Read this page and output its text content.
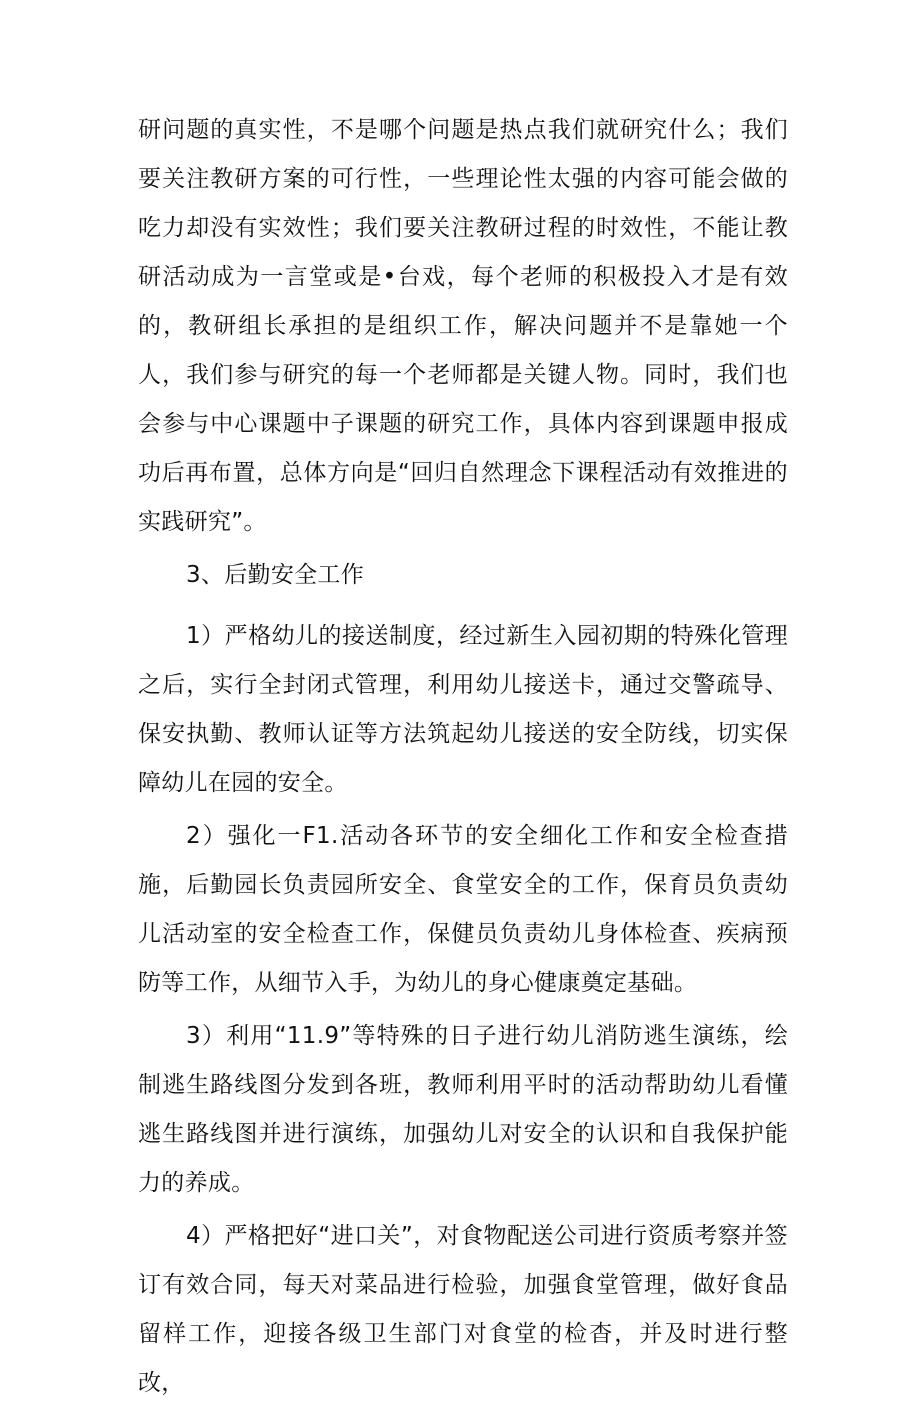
研问题的真实性，不是哪个问题是热点我们就研究什么；我们要关注教研方案的可行性，一些理论性太强的内容可能会做的吃力却没有实效性；我们要关注教研过程的时效性，不能让教研活动成为一言堂或是•台戏，每个老师的积极投入才是有效的，教研组长承担的是组织工作，解决问题并不是靠她一个人，我们参与研究的每一个老师都是关键人物。同时，我们也会参与中心课题中子课题的研究工作，具体内容到课题申报成功后再布置，总体方向是“回归自然理念下课程活动有效推进的实践研究”。

3、后勤安全工作

1）严格幼儿的接送制度，经过新生入园初期的特殊化管理之后，实行全封闭式管理，利用幼儿接送卡，通过交警疏导、保安执勤、教师认证等方法筑起幼儿接送的安全防线，切实保障幼儿在园的安全。

2）强化一F1.活动各环节的安全细化工作和安全检查措施，后勤园长负责园所安全、食堂安全的工作，保育员负责幼儿活动室的安全检查工作，保健员负责幼儿身体检查、疾病预防等工作，从细节入手，为幼儿的身心健康奠定基础。

3）利用“11.9”等特殊的日子进行幼儿消防逃生演练，绘制逃生路线图分发到各班，教师利用平时的活动帮助幼儿看懂逃生路线图并进行演练，加强幼儿对安全的认识和自我保护能力的养成。

4）严格把好“进口关”，对食物配送公司进行资质考察并签订有效合同，每天对菜品进行检验，加强食堂管理，做好食品留样工作，迎接各级卫生部门对食堂的检杳，并及时进行整改，
